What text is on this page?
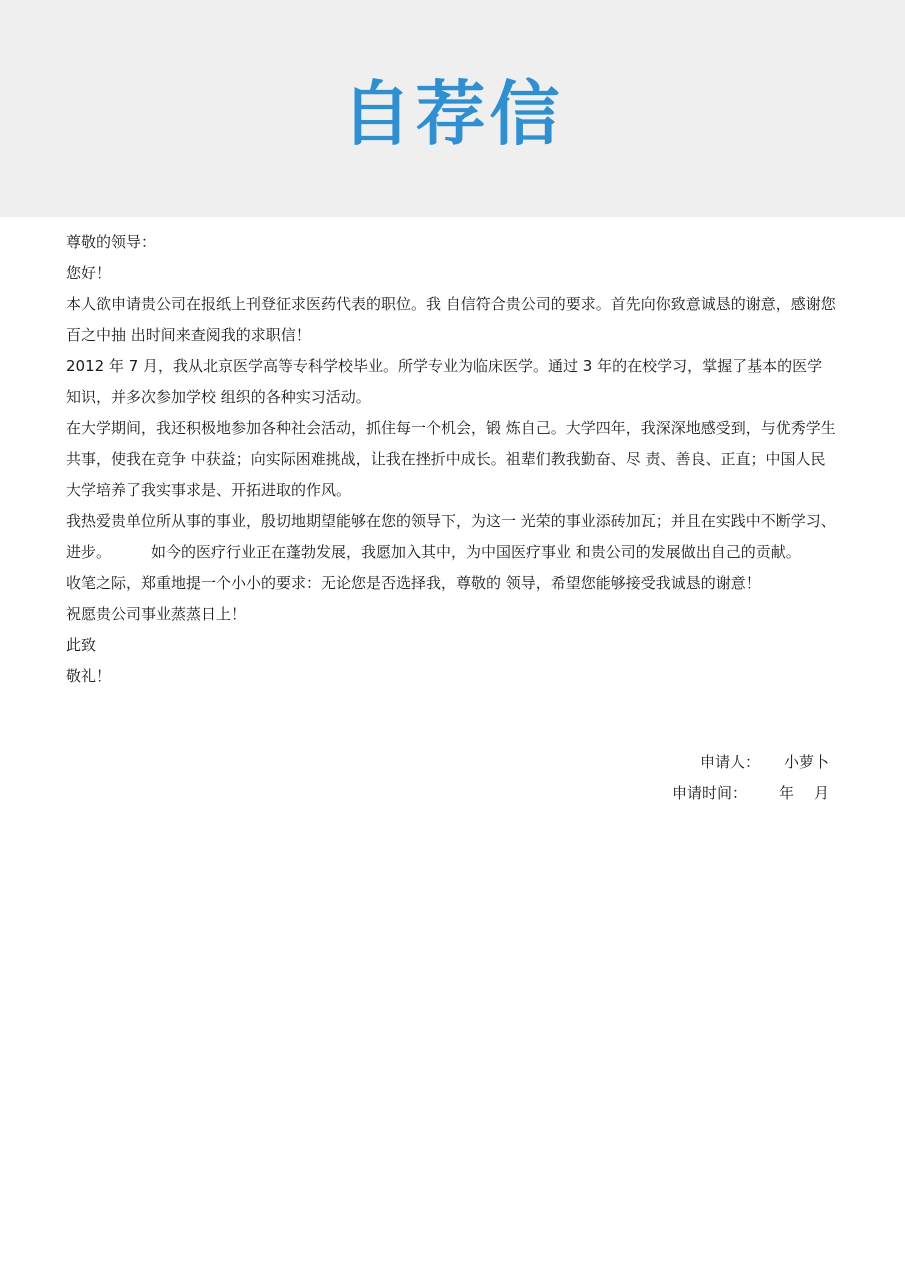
自荐信

尊敬的领导：

您好！

本人欲申请贵公司在报纸上刊登征求医药代表的职位。我 自信符合贵公司的要求。首先向你致意诚恳的谢意，感谢您百之中抽 出时间来查阅我的求职信！

2012 年 7 月，我从北京医学高等专科学校毕业。所学专业为临床医学。通过 3 年的在校学习，掌握了基本的医学知识，并多次参加学校 组织的各种实习活动。

在大学期间，我还积极地参加各种社会活动，抓住每一个机会，锻 炼自己。大学四年，我深深地感受到，与优秀学生共事，使我在竞争 中获益；向实际困难挑战，让我在挫折中成长。祖辈们教我勤奋、尽 责、善良、正直；中国人民大学培养了我实事求是、开拓进取的作风。

我热爱贵单位所从事的事业，殷切地期望能够在您的领导下，为这一 光荣的事业添砖加瓦；并且在实践中不断学习、进步。	如今的医疗行业正在蓬勃发展，我愿加入其中，为中国医疗事业 和贵公司的发展做出自己的贡献。

收笔之际，郑重地提一个小小的要求：无论您是否选择我，尊敬的 领导，希望您能够接受我诚恳的谢意！

祝愿贵公司事业蒸蒸日上！

此致

敬礼！

申请人： 小萝卜

申请时间： 年 月
